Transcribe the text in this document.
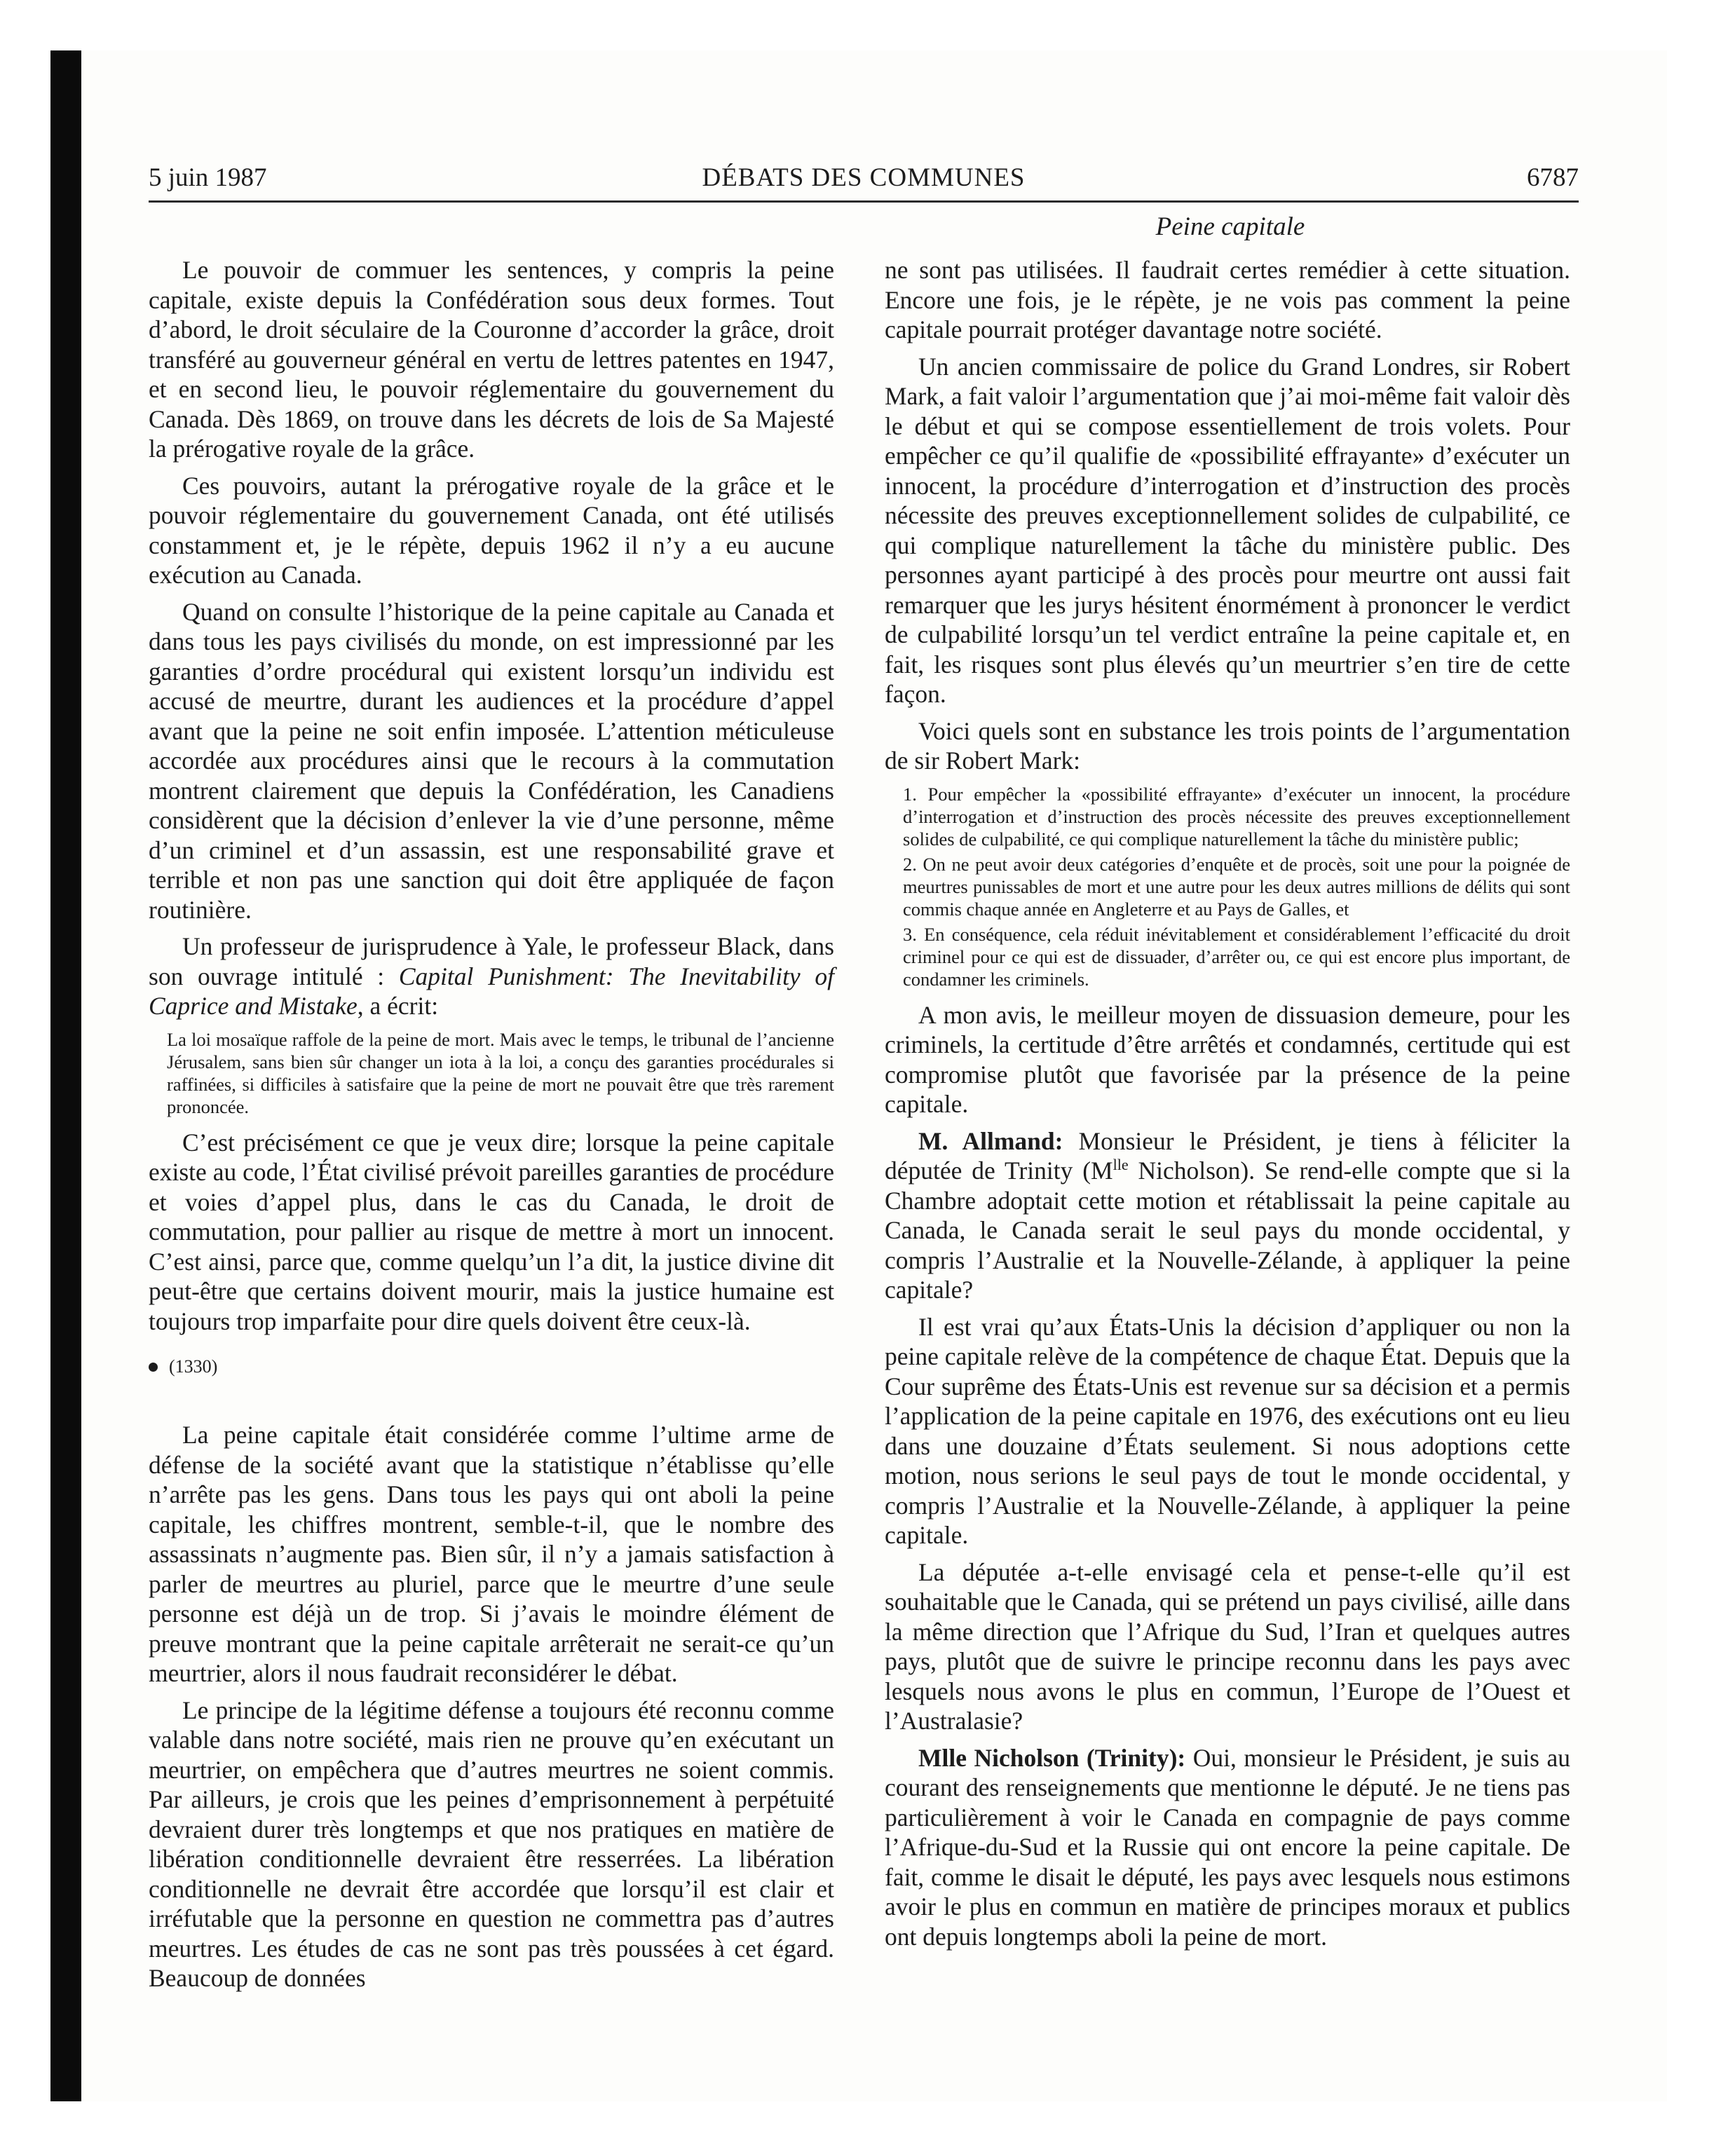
5 juin 1987	DÉBATS DES COMMUNES	6787
Peine capitale

Le pouvoir de commuer les sentences, y compris la peine capitale, existe depuis la Confédération sous deux formes. Tout d’abord, le droit séculaire de la Couronne d’accorder la grâce, droit transféré au gouverneur général en vertu de lettres patentes en 1947, et en second lieu, le pouvoir réglementaire du gouvernement du Canada. Dès 1869, on trouve dans les décrets de lois de Sa Majesté la prérogative royale de la grâce.

Ces pouvoirs, autant la prérogative royale de la grâce et le pouvoir réglementaire du gouvernement Canada, ont été utilisés constamment et, je le répète, depuis 1962 il n’y a eu aucune exécution au Canada.

Quand on consulte l’historique de la peine capitale au Canada et dans tous les pays civilisés du monde, on est impressionné par les garanties d’ordre procédural qui existent lorsqu’un individu est accusé de meurtre, durant les audiences et la procédure d’appel avant que la peine ne soit enfin imposée. L’attention méticuleuse accordée aux procédures ainsi que le recours à la commutation montrent clairement que depuis la Confédération, les Canadiens considèrent que la décision d’enlever la vie d’une personne, même d’un criminel et d’un assassin, est une responsabilité grave et terrible et non pas une sanction qui doit être appliquée de façon routinière.

Un professeur de jurisprudence à Yale, le professeur Black, dans son ouvrage intitulé : Capital Punishment: The Inevitability of Caprice and Mistake, a écrit:

La loi mosaïque raffole de la peine de mort. Mais avec le temps, le tribunal de l’ancienne Jérusalem, sans bien sûr changer un iota à la loi, a conçu des garanties procédurales si raffinées, si difficiles à satisfaire que la peine de mort ne pouvait être que très rarement prononcée.

C’est précisément ce que je veux dire; lorsque la peine capitale existe au code, l’État civilisé prévoit pareilles garanties de procédure et voies d’appel plus, dans le cas du Canada, le droit de commutation, pour pallier au risque de mettre à mort un innocent. C’est ainsi, parce que, comme quelqu’un l’a dit, la justice divine dit peut-être que certains doivent mourir, mais la justice humaine est toujours trop imparfaite pour dire quels doivent être ceux-là.

(1330)

La peine capitale était considérée comme l’ultime arme de défense de la société avant que la statistique n’établisse qu’elle n’arrête pas les gens. Dans tous les pays qui ont aboli la peine capitale, les chiffres montrent, semble-t-il, que le nombre des assassinats n’augmente pas. Bien sûr, il n’y a jamais satisfaction à parler de meurtres au pluriel, parce que le meurtre d’une seule personne est déjà un de trop. Si j’avais le moindre élément de preuve montrant que la peine capitale arrêterait ne serait-ce qu’un meurtrier, alors il nous faudrait reconsidérer le débat.

Le principe de la légitime défense a toujours été reconnu comme valable dans notre société, mais rien ne prouve qu’en exécutant un meurtrier, on empêchera que d’autres meurtres ne soient commis. Par ailleurs, je crois que les peines d’emprisonnement à perpétuité devraient durer très longtemps et que nos pratiques en matière de libération conditionnelle devraient être resserrées. La libération conditionnelle ne devrait être accordée que lorsqu’il est clair et irréfutable que la personne en question ne commettra pas d’autres meurtres. Les études de cas ne sont pas très poussées à cet égard. Beaucoup de données

ne sont pas utilisées. Il faudrait certes remédier à cette situation. Encore une fois, je le répète, je ne vois pas comment la peine capitale pourrait protéger davantage notre société.

Un ancien commissaire de police du Grand Londres, sir Robert Mark, a fait valoir l’argumentation que j’ai moi-même fait valoir dès le début et qui se compose essentiellement de trois volets. Pour empêcher ce qu’il qualifie de «possibilité effrayante» d’exécuter un innocent, la procédure d’interrogation et d’instruction des procès nécessite des preuves exceptionnellement solides de culpabilité, ce qui complique naturellement la tâche du ministère public. Des personnes ayant participé à des procès pour meurtre ont aussi fait remarquer que les jurys hésitent énormément à prononcer le verdict de culpabilité lorsqu’un tel verdict entraîne la peine capitale et, en fait, les risques sont plus élevés qu’un meurtrier s’en tire de cette façon.

Voici quels sont en substance les trois points de l’argumentation de sir Robert Mark:

1. Pour empêcher la «possibilité effrayante» d’exécuter un innocent, la procédure d’interrogation et d’instruction des procès nécessite des preuves exceptionnellement solides de culpabilité, ce qui complique naturellement la tâche du ministère public;

2. On ne peut avoir deux catégories d’enquête et de procès, soit une pour la poignée de meurtres punissables de mort et une autre pour les deux autres millions de délits qui sont commis chaque année en Angleterre et au Pays de Galles, et

3. En conséquence, cela réduit inévitablement et considérablement l’efficacité du droit criminel pour ce qui est de dissuader, d’arrêter ou, ce qui est encore plus important, de condamner les criminels.

A mon avis, le meilleur moyen de dissuasion demeure, pour les criminels, la certitude d’être arrêtés et condamnés, certitude qui est compromise plutôt que favorisée par la présence de la peine capitale.

M. Allmand: Monsieur le Président, je tiens à féliciter la députée de Trinity ($M^{lle}$ Nicholson). Se rend-elle compte que si la Chambre adoptait cette motion et rétablissait la peine capitale au Canada, le Canada serait le seul pays du monde occidental, y compris l’Australie et la Nouvelle-Zélande, à appliquer la peine capitale?

Il est vrai qu’aux États-Unis la décision d’appliquer ou non la peine capitale relève de la compétence de chaque État. Depuis que la Cour suprême des États-Unis est revenue sur sa décision et a permis l’application de la peine capitale en 1976, des exécutions ont eu lieu dans une douzaine d’États seulement. Si nous adoptions cette motion, nous serions le seul pays de tout le monde occidental, y compris l’Australie et la Nouvelle-Zélande, à appliquer la peine capitale.

La députée a-t-elle envisagé cela et pense-t-elle qu’il est souhaitable que le Canada, qui se prétend un pays civilisé, aille dans la même direction que l’Afrique du Sud, l’Iran et quelques autres pays, plutôt que de suivre le principe reconnu dans les pays avec lesquels nous avons le plus en commun, l’Europe de l’Ouest et l’Australasie?

Mlle Nicholson (Trinity): Oui, monsieur le Président, je suis au courant des renseignements que mentionne le député. Je ne tiens pas particulièrement à voir le Canada en compagnie de pays comme l’Afrique-du-Sud et la Russie qui ont encore la peine capitale. De fait, comme le disait le député, les pays avec lesquels nous estimons avoir le plus en commun en matière de principes moraux et publics ont depuis longtemps aboli la peine de mort.
